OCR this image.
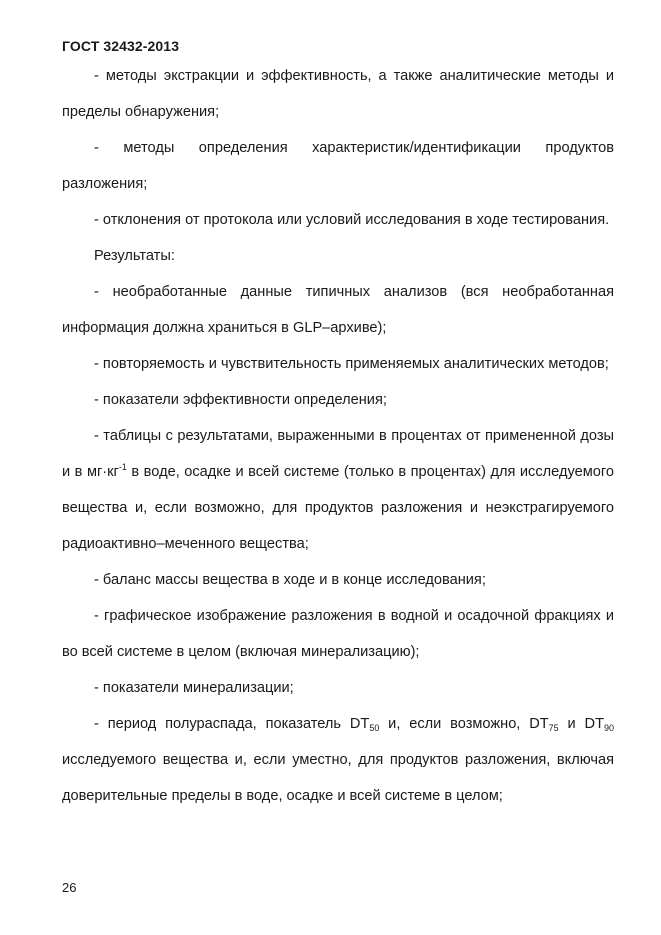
ГОСТ 32432-2013

- методы экстракции и эффективность, а также аналитические методы и пределы обнаружения;

- методы определения характеристик/идентификации продуктов разложения;

- отклонения от протокола или условий исследования в ходе тестирования.

Результаты:

- необработанные данные типичных анализов (вся необработанная информация должна храниться в GLP–архиве);

- повторяемость и чувствительность применяемых аналитических методов;

- показатели эффективности определения;

- таблицы с результатами, выраженными в процентах от примененной дозы и в $мг\cdot кг^{-1}$ в воде, осадке и всей системе (только в процентах) для исследуемого вещества и, если возможно, для продуктов разложения и неэкстрагируемого радиоактивно–меченного вещества;

- баланс массы вещества в ходе и в конце исследования;

- графическое изображение разложения в водной и осадочной фракциях и во всей системе в целом (включая минерализацию);

- показатели минерализации;

- период полураспада, показатель $DT_{50}$ и, если возможно, $DT_{75}$ и $DT_{90}$ исследуемого вещества и, если уместно, для продуктов разложения, включая доверительные пределы в воде, осадке и всей системе в целом;

26
